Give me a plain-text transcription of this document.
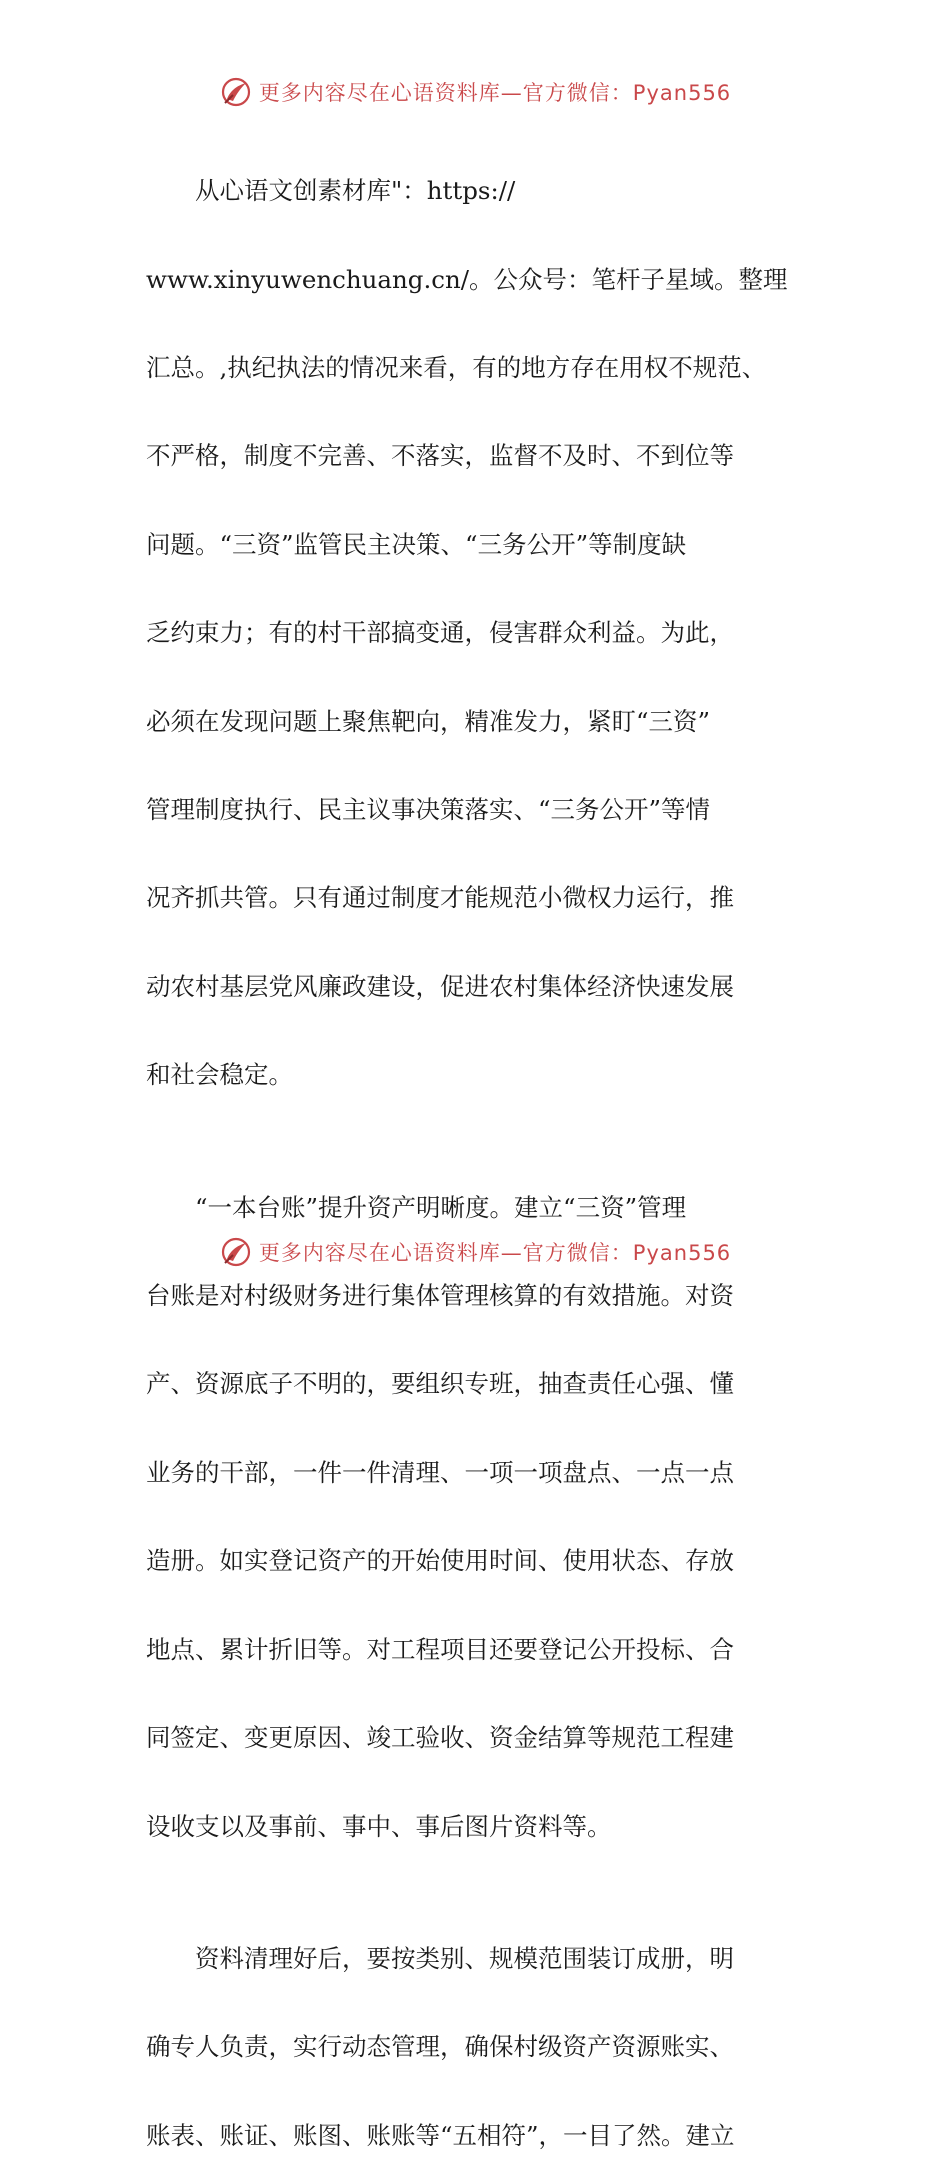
更多内容尽在心语资料库—官方微信：Pyan556

从心语文创素材库"：https://

www.xinyuwenchuang.cn/。公众号：笔杆子星域。整理

汇总。,执纪执法的情况来看，有的地方存在用权不规范、

不严格，制度不完善、不落实，监督不及时、不到位等

问题。“三资”监管民主决策、“三务公开”等制度缺

乏约束力；有的村干部搞变通，侵害群众利益。为此，

必须在发现问题上聚焦靶向，精准发力，紧盯“三资”

管理制度执行、民主议事决策落实、“三务公开”等情

况齐抓共管。只有通过制度才能规范小微权力运行，推

动农村基层党风廉政建设，促进农村集体经济快速发展

和社会稳定。

“一本台账”提升资产明晰度。建立“三资”管理

台账是对村级财务进行集体管理核算的有效措施。对资

产、资源底子不明的，要组织专班，抽查责任心强、懂

业务的干部，一件一件清理、一项一项盘点、一点一点

造册。如实登记资产的开始使用时间、使用状态、存放

地点、累计折旧等。对工程项目还要登记公开投标、合

同签定、变更原因、竣工验收、资金结算等规范工程建

设收支以及事前、事中、事后图片资料等。

资料清理好后，要按类别、规模范围装订成册，明

确专人负责，实行动态管理，确保村级资产资源账实、

账表、账证、账图、账账等“五相符”，一目了然。建立

更多内容尽在心语资料库—官方微信：Pyan556
